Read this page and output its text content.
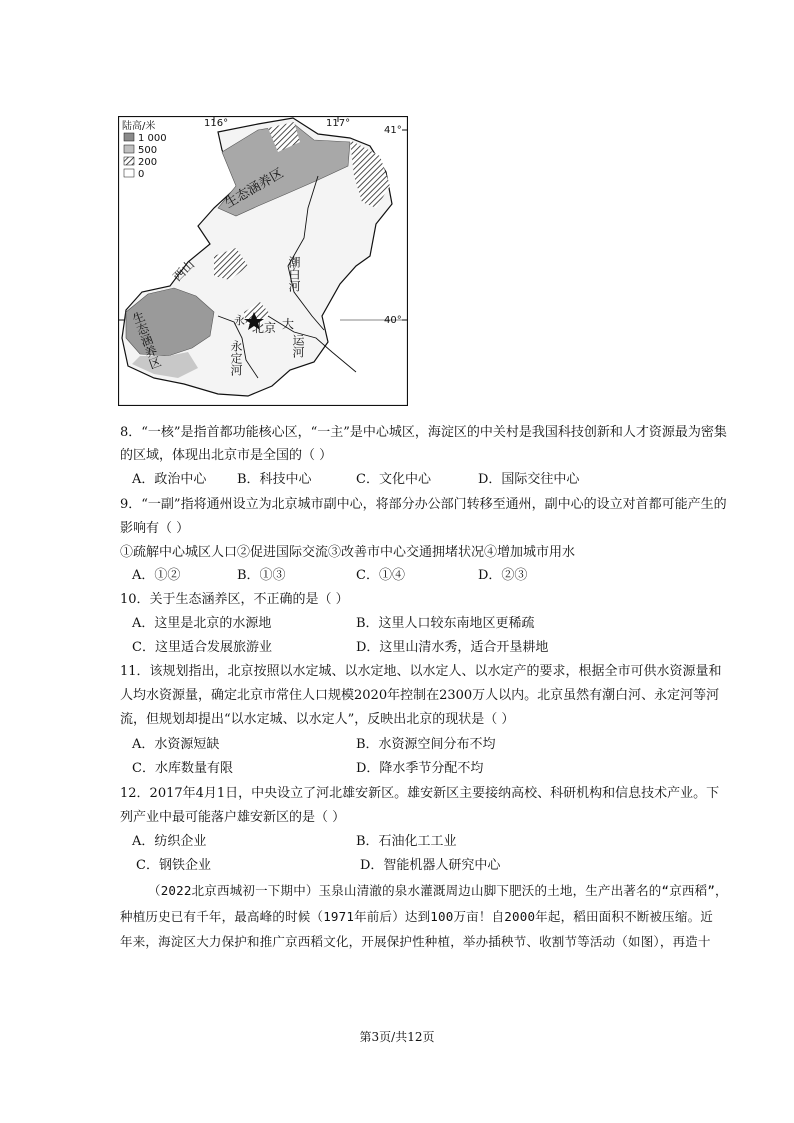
陆高/米
1 000
500
200
0
116°	117°
41°
40°
生态涵养区
西山
生态涵养区	永
北京 大
潮白河
永定河	运河
8．“一核”是指首都功能核心区，“一主”是中心城区，海淀区的中关村是我国科技创新和人才资源最为密集
的区域，体现出北京市是全国的（ ）
A．政治中心 B．科技中心	C．文化中心	D．国际交往中心
9．“一副”指将通州设立为北京城市副中心，将部分办公部门转移至通州，副中心的设立对首都可能产生的
影响有（ ）
①疏解中心城区人口②促进国际交流③改善市中心交通拥堵状况④增加城市用水
A．①②	B．①③	C．①④	D．②③
10．关于生态涵养区，不正确的是（ ）
A．这里是北京的水源地	B．这里人口较东南地区更稀疏
C．这里适合发展旅游业	D．这里山清水秀，适合开垦耕地
11．该规划指出，北京按照以水定城、以水定地、以水定人、以水定产的要求，根据全市可供水资源量和
人均水资源量，确定北京市常住人口规模2020年控制在2300万人以内。北京虽然有潮白河、永定河等河
流，但规划却提出“以水定城、以水定人”，反映出北京的现状是（ ）
A．水资源短缺	B．水资源空间分布不均
C．水库数量有限	D．降水季节分配不均
12．2017年4月1日，中央设立了河北雄安新区。雄安新区主要接纳高校、科研机构和信息技术产业。下
列产业中最可能落户雄安新区的是（ ）
A．纺织企业	B．石油化工工业
C．钢铁企业	D．智能机器人研究中心
（2022北京西城初一下期中）玉泉山清澈的泉水灌溉周边山脚下肥沃的土地，生产出著名的“京西稻”，
种植历史已有千年，最高峰的时候（1971年前后）达到100万亩！自2000年起，稻田面积不断被压缩。近
年来，海淀区大力保护和推广京西稻文化，开展保护性种植，举办插秧节、收割节等活动（如图），再造十
第3页/共12页
